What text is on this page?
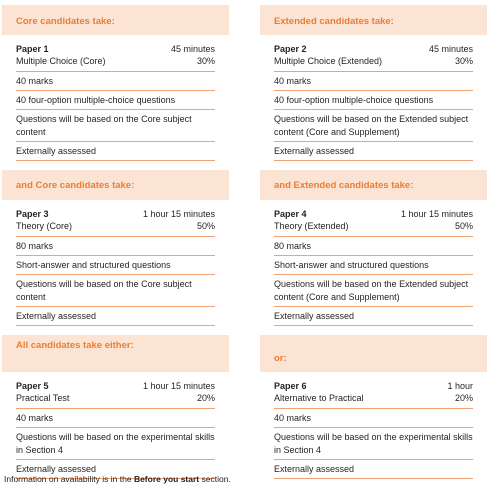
Core candidates take:
Paper 1	45 minutes
Multiple Choice (Core)	30%
40 marks
40 four-option multiple-choice questions
Questions will be based on the Core subject content
Externally assessed
Extended candidates take:
Paper 2	45 minutes
Multiple Choice (Extended)	30%
40 marks
40 four-option multiple-choice questions
Questions will be based on the Extended subject content (Core and Supplement)
Externally assessed
and Core candidates take:
Paper 3	1 hour 15 minutes
Theory (Core)	50%
80 marks
Short-answer and structured questions
Questions will be based on the Core subject content
Externally assessed
and Extended candidates take:
Paper 4	1 hour 15 minutes
Theory (Extended)	50%
80 marks
Short-answer and structured questions
Questions will be based on the Extended subject content (Core and Supplement)
Externally assessed
All candidates take either:
Paper 5	1 hour 15 minutes
Practical Test	20%
40 marks
Questions will be based on the experimental skills in Section 4
Externally assessed
or:
Paper 6	1 hour
Alternative to Practical	20%
40 marks
Questions will be based on the experimental skills in Section 4
Externally assessed
Information on availability is in the Before you start section.
